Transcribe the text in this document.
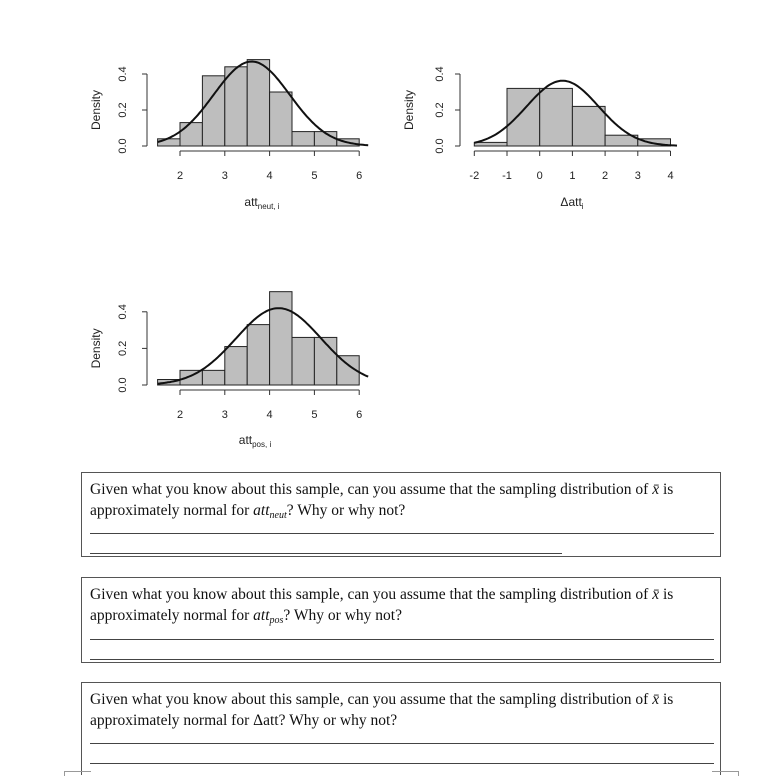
2	3	4	5	6
0.0
0.2
0.4
Density
att$_{neut, i}$
-2 -1 0 1 2 3 4
0.0
0.2
0.4
Density
Δatt$_i$
2	3	4	5	6
0.0
0.2
0.4
Density
att$_{pos, i}$
Given what you know about this sample, can you assume that the sampling distribution of x̄ is
approximately normal for att$_{neut}$? Why or why not?
Given what you know about this sample, can you assume that the sampling distribution of x̄ is
approximately normal for att$_{pos}$? Why or why not?
Given what you know about this sample, can you assume that the sampling distribution of x̄ is
approximately normal for Δatt? Why or why not?
